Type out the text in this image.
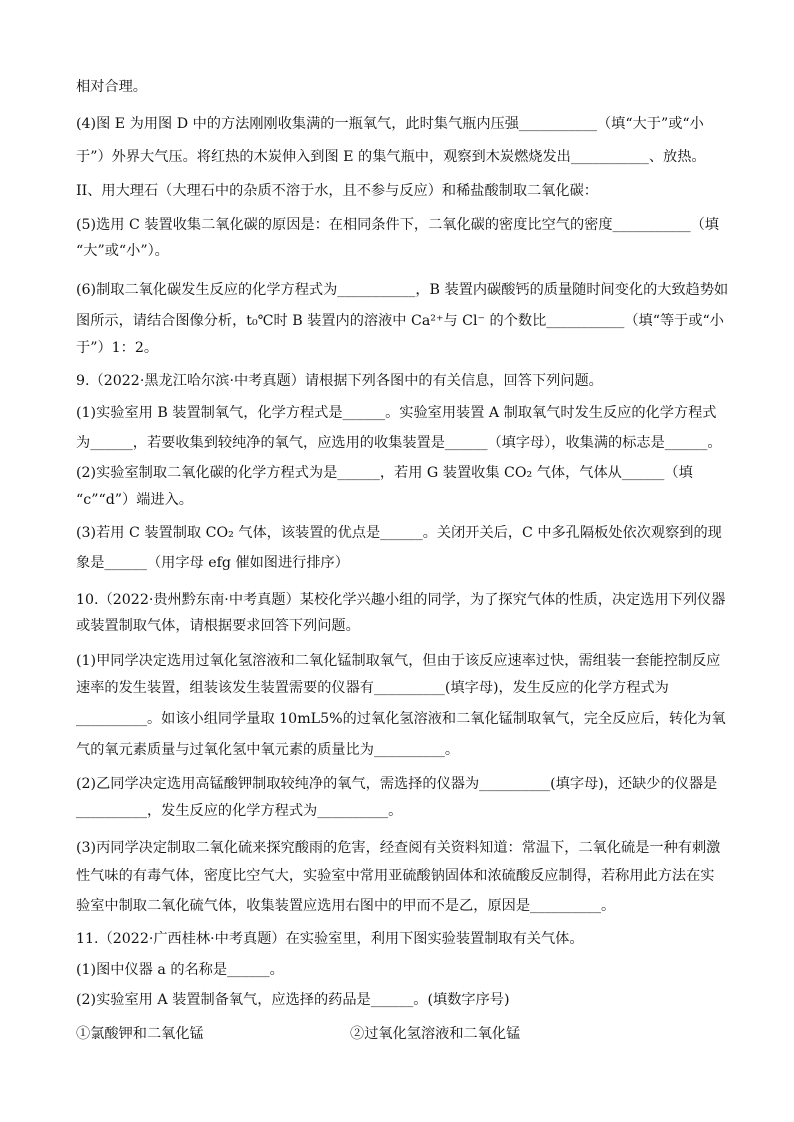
相对合理。
(4)图 E 为用图 D 中的方法刚刚收集满的一瓶氧气，此时集气瓶内压强___________（填“大于”或“小
于”）外界大气压。将红热的木炭伸入到图 E 的集气瓶中，观察到木炭燃烧发出___________、放热。
II、用大理石（大理石中的杂质不溶于水，且不参与反应）和稀盐酸制取二氧化碳：
(5)选用 C 装置收集二氧化碳的原因是：在相同条件下，二氧化碳的密度比空气的密度___________（填
“大”或“小”）。
(6)制取二氧化碳发生反应的化学方程式为___________，B 装置内碳酸钙的质量随时间变化的大致趋势如
图所示，请结合图像分析，t₀℃时 B 装置内的溶液中 Ca²⁺与 Cl⁻ 的个数比___________（填“等于或“小
于”）1：2。
9.（2022·黑龙江哈尔滨·中考真题）请根据下列各图中的有关信息，回答下列问题。
(1)实验室用 B 装置制氧气，化学方程式是______。实验室用装置 A 制取氧气时发生反应的化学方程式
为______，若要收集到较纯净的氧气，应选用的收集装置是______（填字母），收集满的标志是______。
(2)实验室制取二氧化碳的化学方程式为是______，若用 G 装置收集 CO₂ 气体，气体从______（填
“c”“d”）端进入。
(3)若用 C 装置制取 CO₂ 气体，该装置的优点是______。关闭开关后，C 中多孔隔板处依次观察到的现
象是______（用字母 efg 催如图进行排序）
10.（2022·贵州黔东南·中考真题）某校化学兴趣小组的同学，为了探究气体的性质，决定选用下列仪器
或装置制取气体，请根据要求回答下列问题。
(1)甲同学决定选用过氧化氢溶液和二氧化锰制取氧气，但由于该反应速率过快，需组装一套能控制反应
速率的发生装置，组装该发生装置需要的仪器有__________(填字母)，发生反应的化学方程式为
__________。如该小组同学量取 10mL5%的过氧化氢溶液和二氧化锰制取氧气，完全反应后，转化为氧
气的氧元素质量与过氧化氢中氧元素的质量比为__________。
(2)乙同学决定选用高锰酸钾制取较纯净的氧气，需选择的仪器为__________(填字母)，还缺少的仪器是
__________，发生反应的化学方程式为__________。
(3)丙同学决定制取二氧化硫来探究酸雨的危害，经查阅有关资料知道：常温下，二氧化硫是一种有刺激
性气味的有毒气体，密度比空气大，实验室中常用亚硫酸钠固体和浓硫酸反应制得，若称用此方法在实
验室中制取二氧化硫气体，收集装置应选用右图中的甲而不是乙，原因是__________。
11.（2022·广西桂林·中考真题）在实验室里，利用下图实验装置制取有关气体。
(1)图中仪器 a 的名称是______。
(2)实验室用 A 装置制备氧气，应选择的药品是______。(填数字序号)
①氯酸钾和二氧化锰	②过氧化氢溶液和二氧化锰
